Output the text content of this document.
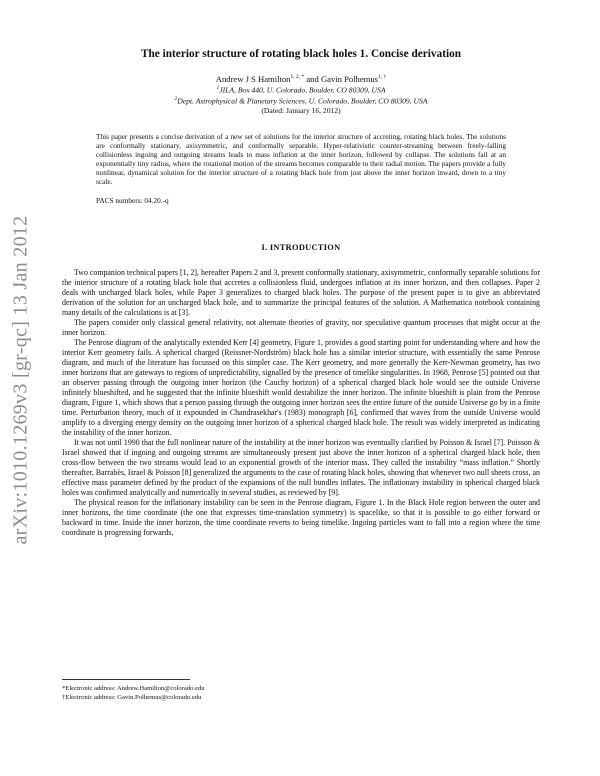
arXiv:1010.1269v3 [gr-qc] 13 Jan 2012
The interior structure of rotating black holes 1. Concise derivation
Andrew J S Hamilton$^{1, 2, *}$ and Gavin Polhemus$^{1, \dagger}$
$^1$JILA, Box 440, U. Colorado, Boulder, CO 80309, USA
$^2$Dept. Astrophysical & Planetary Sciences, U. Colorado, Boulder, CO 80309, USA
(Dated: January 16, 2012)
This paper presents a concise derivation of a new set of solutions for the interior structure of accreting, rotating black holes. The solutions are conformally stationary, axisymmetric, and conformally separable. Hyper-relativistic counter-streaming between freely-falling collisionless ingoing and outgoing streams leads to mass inflation at the inner horizon, followed by collapse. The solutions fail at an exponentially tiny radius, where the rotational motion of the streams becomes comparable to their radial motion. The papers provide a fully nonlinear, dynamical solution for the interior structure of a rotating black hole from just above the inner horizon inward, down to a tiny scale.
PACS numbers: 04.20.-q
I. INTRODUCTION

Two companion technical papers [1, 2], hereafter Papers 2 and 3, present conformally stationary, axisymmetric, conformally separable solutions for the interior structure of a rotating black hole that accretes a collisionless fluid, undergoes inflation at its inner horizon, and then collapses. Paper 2 deals with uncharged black holes, while Paper 3 generalizes to charged black holes. The purpose of the present paper is to give an abbreviated derivation of the solution for an uncharged black hole, and to summarize the principal features of the solution. A Mathematica notebook containing many details of the calculations is at [3].

The papers consider only classical general relativity, not alternate theories of gravity, nor speculative quantum processes that might occur at the inner horizon.

The Penrose diagram of the analytically extended Kerr [4] geometry, Figure 1, provides a good starting point for understanding where and how the interior Kerr geometry fails. A spherical charged (Reissner-Nordström) black hole has a similar interior structure, with essentially the same Penrose diagram, and much of the literature has focussed on this simpler case. The Kerr geometry, and more generally the Kerr-Newman geometry, has two inner horizons that are gateways to regions of unpredictability, signalled by the presence of timelike singularities. In 1968, Penrose [5] pointed out that an observer passing through the outgoing inner horizon (the Cauchy horizon) of a spherical charged black hole would see the outside Universe infinitely blueshifted, and he suggested that the infinite blueshift would destabilize the inner horizon. The infinite blueshift is plain from the Penrose diagram, Figure 1, which shows that a person passing through the outgoing inner horizon sees the entire future of the outside Universe go by in a finite time. Perturbation theory, much of it expounded in Chandrasekhar's (1983) monograph [6], confirmed that waves from the outside Universe would amplify to a diverging energy density on the outgoing inner horizon of a spherical charged black hole. The result was widely interpreted as indicating the instability of the inner horizon.

It was not until 1990 that the full nonlinear nature of the instability at the inner horizon was eventually clarified by Poisson & Israel [7]. Poisson & Israel showed that if ingoing and outgoing streams are simultaneously present just above the inner horizon of a spherical charged black hole, then cross-flow between the two streams would lead to an exponential growth of the interior mass. They called the instability “mass inflation.” Shortly thereafter, Barrabès, Israel & Poisson [8] generalized the arguments to the case of rotating black holes, showing that whenever two null sheets cross, an effective mass parameter defined by the product of the expansions of the null bundles inflates. The inflationary instability in spherical charged black holes was confirmed analytically and numerically in several studies, as reviewed by [9].

The physical reason for the inflationary instability can be seen in the Penrose diagram, Figure 1. In the Black Hole region between the outer and inner horizons, the time coordinate (the one that expresses time-translation symmetry) is spacelike, so that it is possible to go either forward or backward in time. Inside the inner horizon, the time coordinate reverts to being timelike. Ingoing particles want to fall into a region where the time coordinate is progressing forwards,

*Electronic address: Andrew.Hamilton@colorado.edu
†Electronic address: Gavin.Polhemus@colorado.edu
